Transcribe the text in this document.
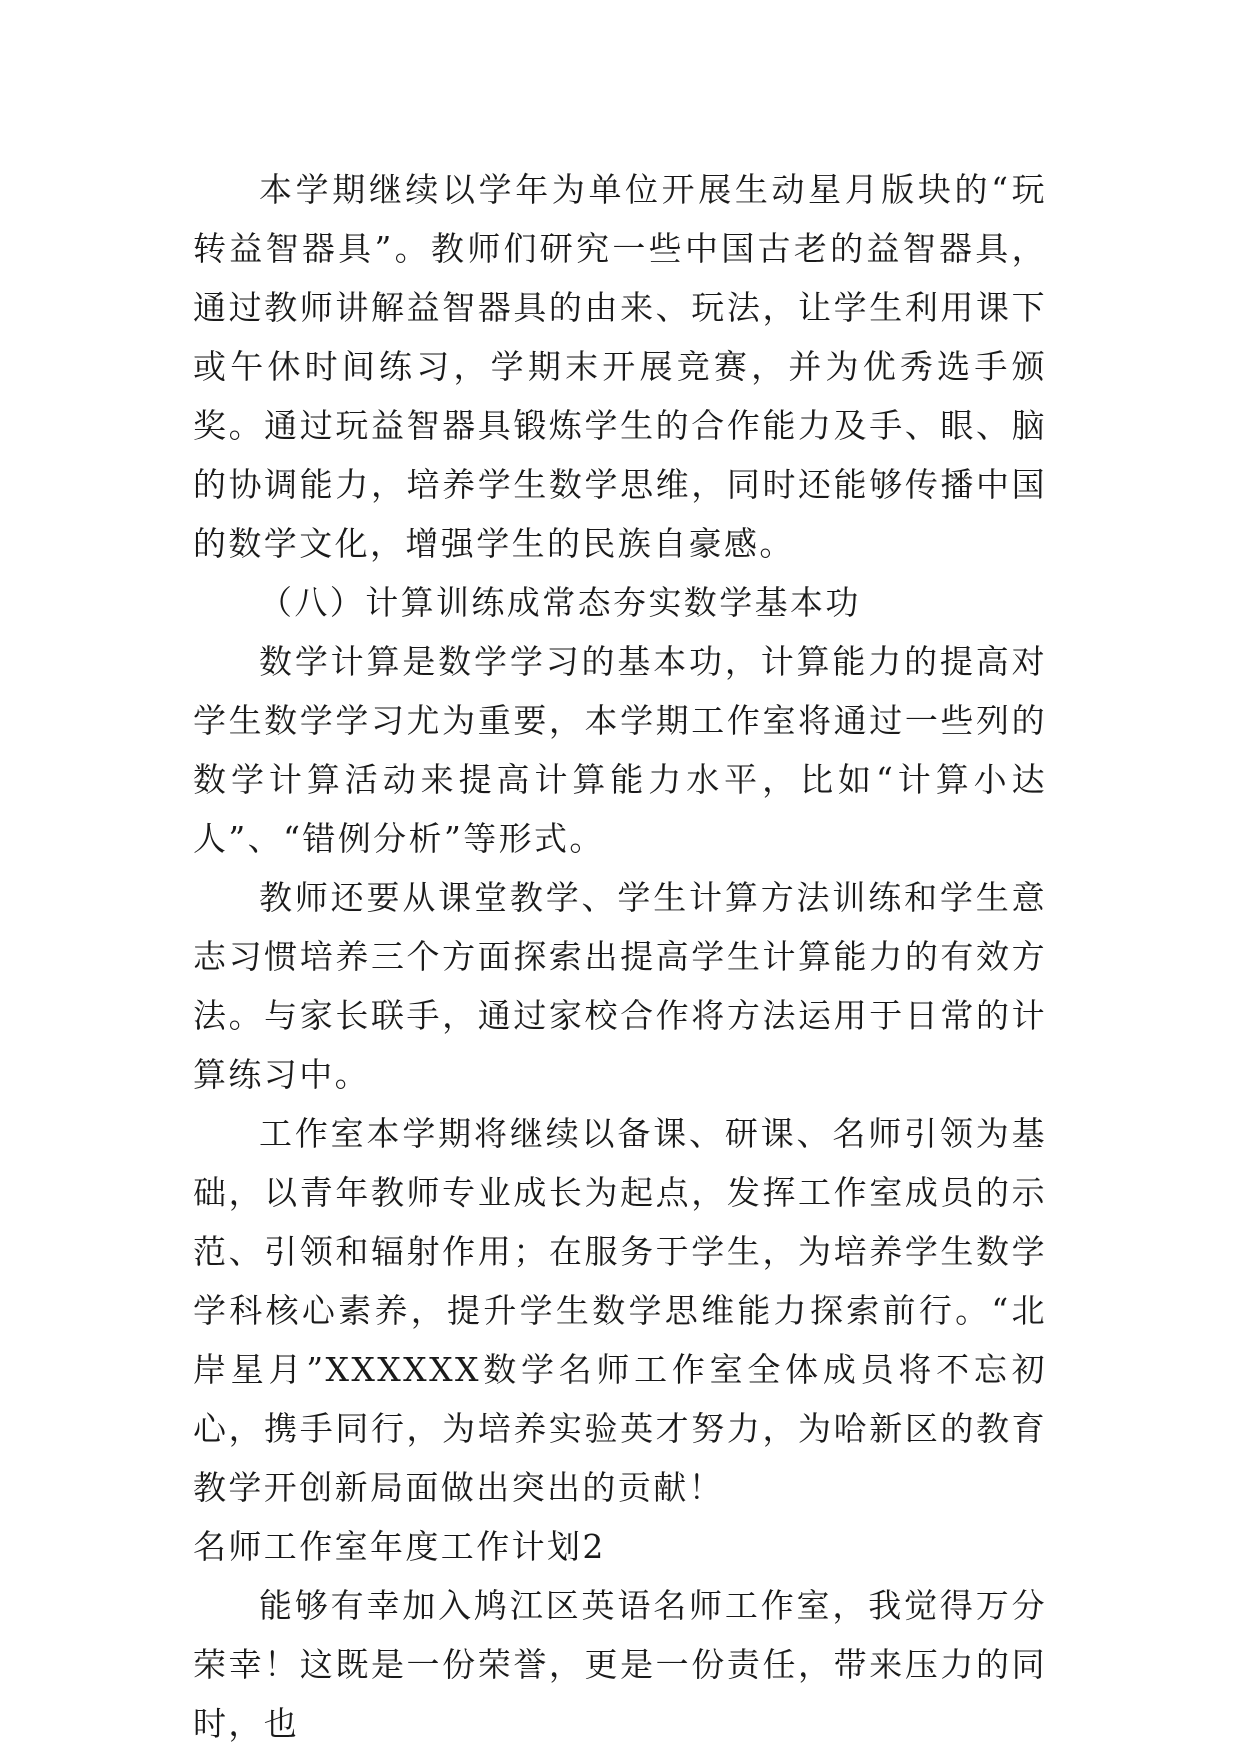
本学期继续以学年为单位开展生动星月版块的“玩转益智器具”。教师们研究一些中国古老的益智器具，通过教师讲解益智器具的由来、玩法，让学生利用课下或午休时间练习，学期末开展竞赛，并为优秀选手颁奖。通过玩益智器具锻炼学生的合作能力及手、眼、脑的协调能力，培养学生数学思维，同时还能够传播中国的数学文化，增强学生的民族自豪感。

（八）计算训练成常态夯实数学基本功

数学计算是数学学习的基本功，计算能力的提高对学生数学学习尤为重要，本学期工作室将通过一些列的数学计算活动来提高计算能力水平，比如“计算小达人”、“错例分析”等形式。

教师还要从课堂教学、学生计算方法训练和学生意志习惯培养三个方面探索出提高学生计算能力的有效方法。与家长联手，通过家校合作将方法运用于日常的计算练习中。

工作室本学期将继续以备课、研课、名师引领为基础，以青年教师专业成长为起点，发挥工作室成员的示范、引领和辐射作用；在服务于学生，为培养学生数学学科核心素养，提升学生数学思维能力探索前行。“北岸星月”XXXXXX数学名师工作室全体成员将不忘初心，携手同行，为培养实验英才努力，为哈新区的教育教学开创新局面做出突出的贡献！

名师工作室年度工作计划2

能够有幸加入鸠江区英语名师工作室，我觉得万分荣幸！这既是一份荣誉，更是一份责任，带来压力的同时，也
